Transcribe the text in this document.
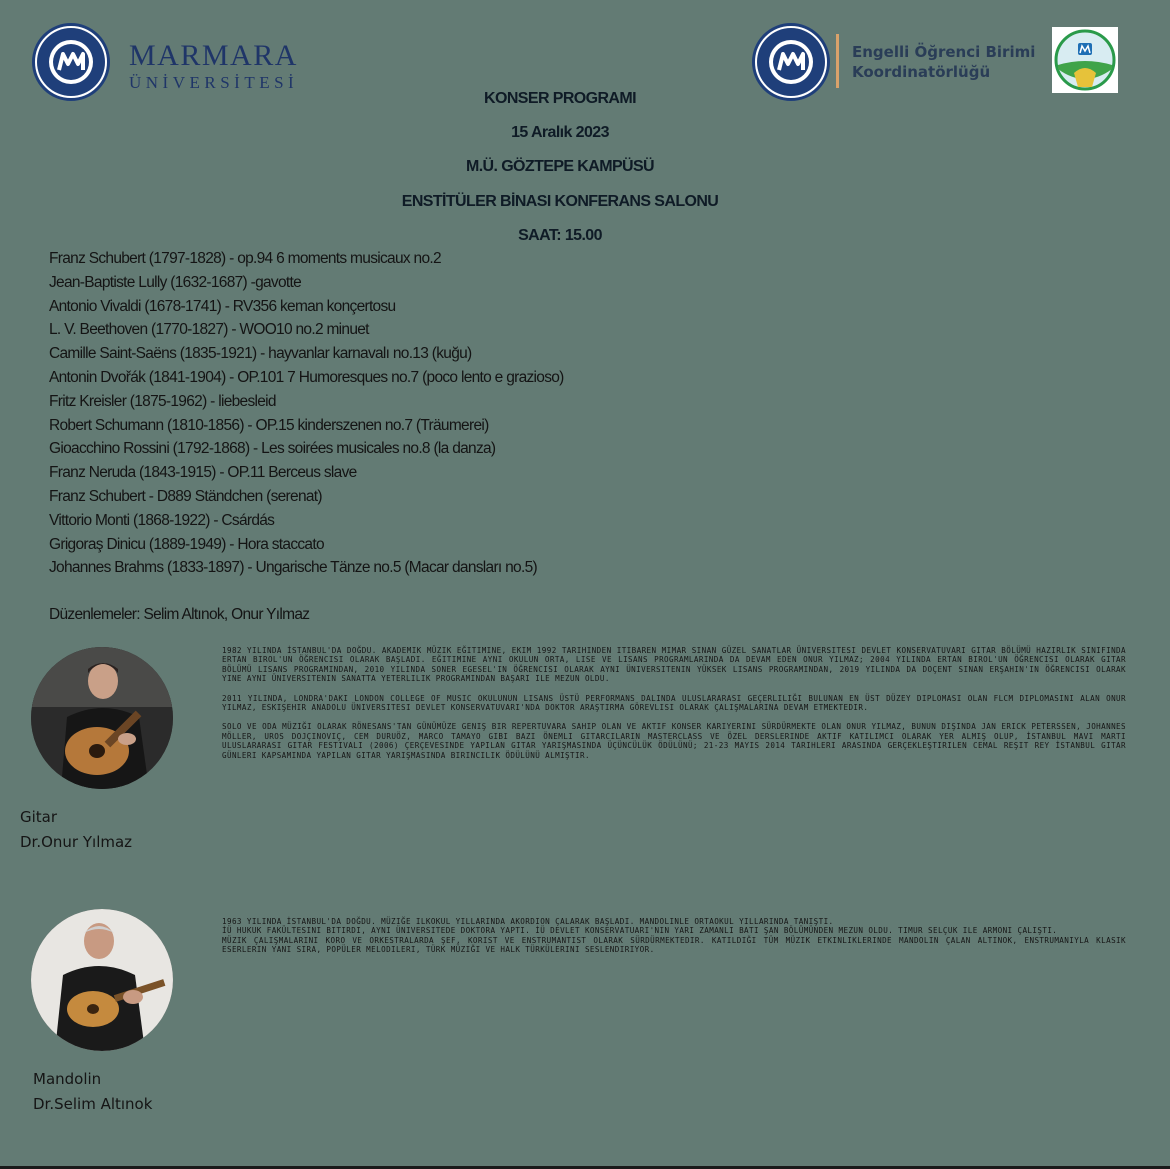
MARMARA
ÜNİVERSİTESİ
Engelli Öğrenci Birimi
Koordinatörlüğü
KONSER PROGRAMI
15 Aralık 2023
M.Ü. GÖZTEPE KAMPÜSÜ
ENSTİTÜLER BİNASI KONFERANS SALONU
SAAT: 15.00
Franz Schubert (1797-1828) - op.94 6 moments musicaux no.2
Jean-Baptiste Lully (1632-1687) -gavotte
Antonio Vivaldi (1678-1741) - RV356 keman konçertosu
L. V. Beethoven (1770-1827) - WOO10 no.2 minuet
Camille Saint-Saëns (1835-1921) - hayvanlar karnavalı no.13 (kuğu)
Antonin Dvořák (1841-1904) - OP.101 7 Humoresques no.7 (poco lento e grazioso)
Fritz Kreisler (1875-1962) - liebesleid
Robert Schumann (1810-1856) - OP.15 kinderszenen no.7 (Träumerei)
Gioacchino Rossini (1792-1868) - Les soirées musicales no.8 (la danza)
Franz Neruda (1843-1915) - OP.11 Berceus slave
Franz Schubert - D889 Ständchen (serenat)
Vittorio Monti (1868-1922) - Csárdás
Grigoraş Dinicu (1889-1949) - Hora staccato
Johannes Brahms (1833-1897) - Ungarische Tänze no.5 (Macar dansları no.5)
Düzenlemeler: Selim Altınok, Onur Yılmaz

1982 YILINDA İSTANBUL'DA DOĞDU. AKADEMIK MÜZIK EĞITIMINE, EKIM 1992 TARIHINDEN ITIBAREN MIMAR SINAN GÜZEL SANATLAR ÜNIVERSITESI DEVLET KONSERVATUVARI GITAR BÖLÜMÜ HAZIRLIK SINIFINDA ERTAN BIROL'UN ÖĞRENCISI OLARAK BAŞLADI. EĞITIMINE AYNI OKULUN ORTA, LISE VE LISANS PROGRAMLARINDA DA DEVAM EDEN ONUR YILMAZ; 2004 YILINDA ERTAN BIROL'UN ÖĞRENCISI OLARAK GITAR BÖLÜMÜ LISANS PROGRAMINDAN, 2010 YILINDA SONER EGESEL'IN ÖĞRENCISI OLARAK AYNI ÜNIVERSITENIN YÜKSEK LISANS PROGRAMINDAN, 2019 YILINDA DA DOÇENT SINAN ERŞAHIN'IN ÖĞRENCISI OLARAK YINE AYNI ÜNIVERSITENIN SANATTA YETERLILIK PROGRAMINDAN BAŞARI ILE MEZUN OLDU.

2011 YILINDA, LONDRA'DAKI LONDON COLLEGE OF MUSIC OKULUNUN LISANS ÜSTÜ PERFORMANS DALINDA ULUSLARARASI GEÇERLILIĞI BULUNAN EN ÜST DÜZEY DIPLOMASI OLAN FLCM DIPLOMASINI ALAN ONUR YILMAZ, ESKIŞEHIR ANADOLU ÜNIVERSITESI DEVLET KONSERVATUVARI'NDA DOKTOR ARAŞTIRMA GÖREVLISI OLARAK ÇALIŞMALARINA DEVAM ETMEKTEDIR.

SOLO VE ODA MÜZIĞI OLARAK RÖNESANS'TAN GÜNÜMÜZE GENIŞ BIR REPERTUVARA SAHIP OLAN VE AKTIF KONSER KARIYERINI SÜRDÜRMEKTE OLAN ONUR YILMAZ, BUNUN DIŞINDA JAN ERICK PETERSSEN, JOHANNES MÖLLER, UROS DOJÇINOVIÇ, CEM DURUÖZ, MARCO TAMAYO GIBI BAZI ÖNEMLI GITARCILARIN MASTERCLASS VE ÖZEL DERSLERINDE AKTIF KATILIMCI OLARAK YER ALMIŞ OLUP, İSTANBUL MAVI MARTI ULUSLARARASI GITAR FESTIVALI (2006) ÇERÇEVESINDE YAPILAN GITAR YARIŞMASINDA ÜÇÜNCÜLÜK ÖDÜLÜNÜ; 21-23 MAYIS 2014 TARIHLERI ARASINDA GERÇEKLEŞTIRILEN CEMAL REŞIT REY İSTANBUL GITAR GÜNLERI KAPSAMINDA YAPILAN GITAR YARIŞMASINDA BIRINCILIK ÖDÜLÜNÜ ALMIŞTIR.

Gitar
Dr.Onur Yılmaz

1963 YILINDA İSTANBUL'DA DOĞDU. MÜZIĞE ILKOKUL YILLARINDA AKORDION ÇALARAK BAŞLADI. MANDOLINLE ORTAOKUL YILLARINDA TANIŞTI.

İÜ HUKUK FAKÜLTESINI BITIRDI, AYNI ÜNIVERSITEDE DOKTORA YAPTI. İÜ DEVLET KONSERVATUARI'NIN YARI ZAMANLI BATI ŞAN BÖLÜMÜNDEN MEZUN OLDU. TIMUR SELÇUK ILE ARMONI ÇALIŞTI.

MÜZIK ÇALIŞMALARINI KORO VE ORKESTRALARDA ŞEF, KORIST VE ENSTRUMANTIST OLARAK SÜRDÜRMEKTEDIR. KATILDIĞI TÜM MÜZIK ETKINLIKLERINDE MANDOLIN ÇALAN ALTINOK, ENSTRUMANIYLA KLASIK ESERLERIN YANI SIRA, POPÜLER MELODILERI, TÜRK MÜZIĞI VE HALK TÜRKÜLERINI SESLENDIRIYOR.

Mandolin
Dr.Selim Altınok
